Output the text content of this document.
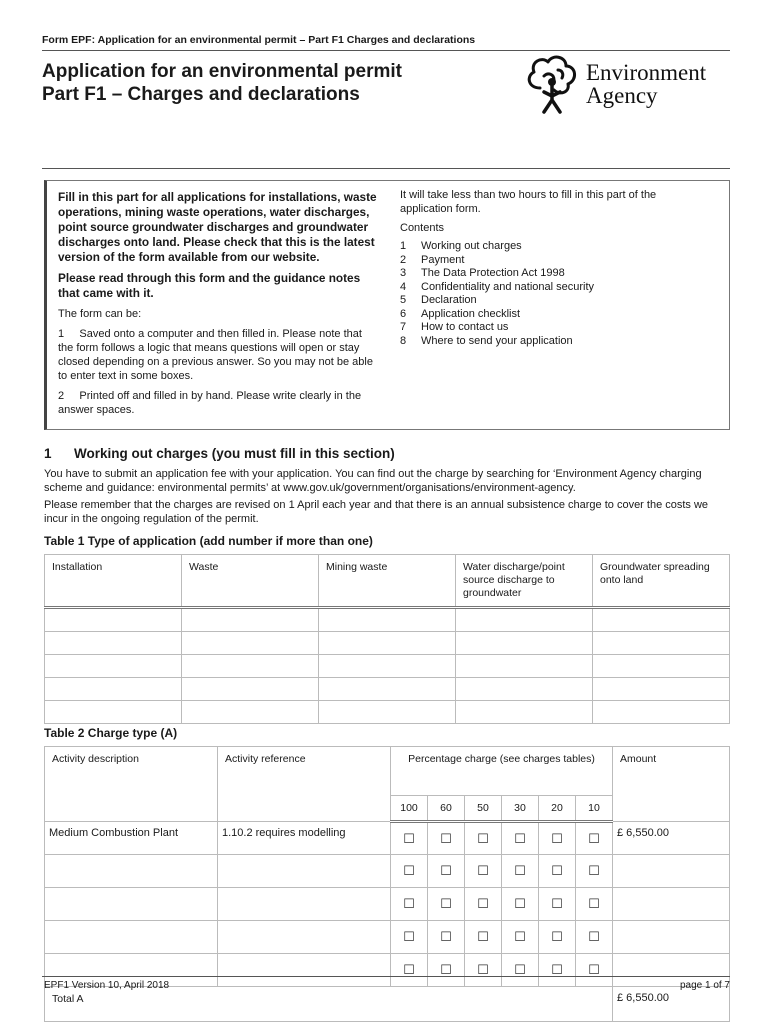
Form EPF: Application for an environmental permit – Part F1 Charges and declarations
Application for an environmental permit
Part F1 – Charges and declarations
Environment
Agency

Fill in this part for all applications for installations, waste operations, mining waste operations, water discharges, point source groundwater discharges and groundwater discharges onto land. Please check that this is the latest version of the form available from our website.

Please read through this form and the guidance notes that came with it.

The form can be:

1     Saved onto a computer and then filled in. Please note that the form follows a logic that means questions will open or stay closed depending on a previous answer. So you may not be able to enter text in some boxes.

2     Printed off and filled in by hand. Please write clearly in the answer spaces.

It will take less than two hours to fill in this part of the application form.

Contents

1	Working out charges
2	Payment
3	The Data Protection Act 1998
4	Confidentiality and national security
5	Declaration
6	Application checklist
7	How to contact us
8	Where to send your application
1 Working out charges (you must fill in this section)
You have to submit an application fee with your application. You can find out the charge by searching for ‘Environment Agency charging scheme and guidance: environmental permits’ at www.gov.uk/government/organisations/environment-agency.
Please remember that the charges are revised on 1 April each year and that there is an annual subsistence charge to cover the costs we incur in the ongoing regulation of the permit.
Table 1 Type of application (add number if more than one)
Installation	Waste	Mining waste	Water discharge/point source discharge to groundwater	Groundwater spreading onto land

Table 2 Charge type (A)
Activity description	Activity reference	Percentage charge (see charges tables)						Amount
		100	60	50	30	20	10	
Medium Combustion Plant	1.10.2 requires modelling	☐	☐	☐	☐	☐	☐	£ 6,550.00
		☐	☐	☐	☐	☐	☐	
		☐	☐	☐	☐	☐	☐	
		☐	☐	☐	☐	☐	☐	
		☐	☐	☐	☐	☐	☐	
Total A								£ 6,550.00
EPF1 Version 10, April 2018	page 1 of 7
